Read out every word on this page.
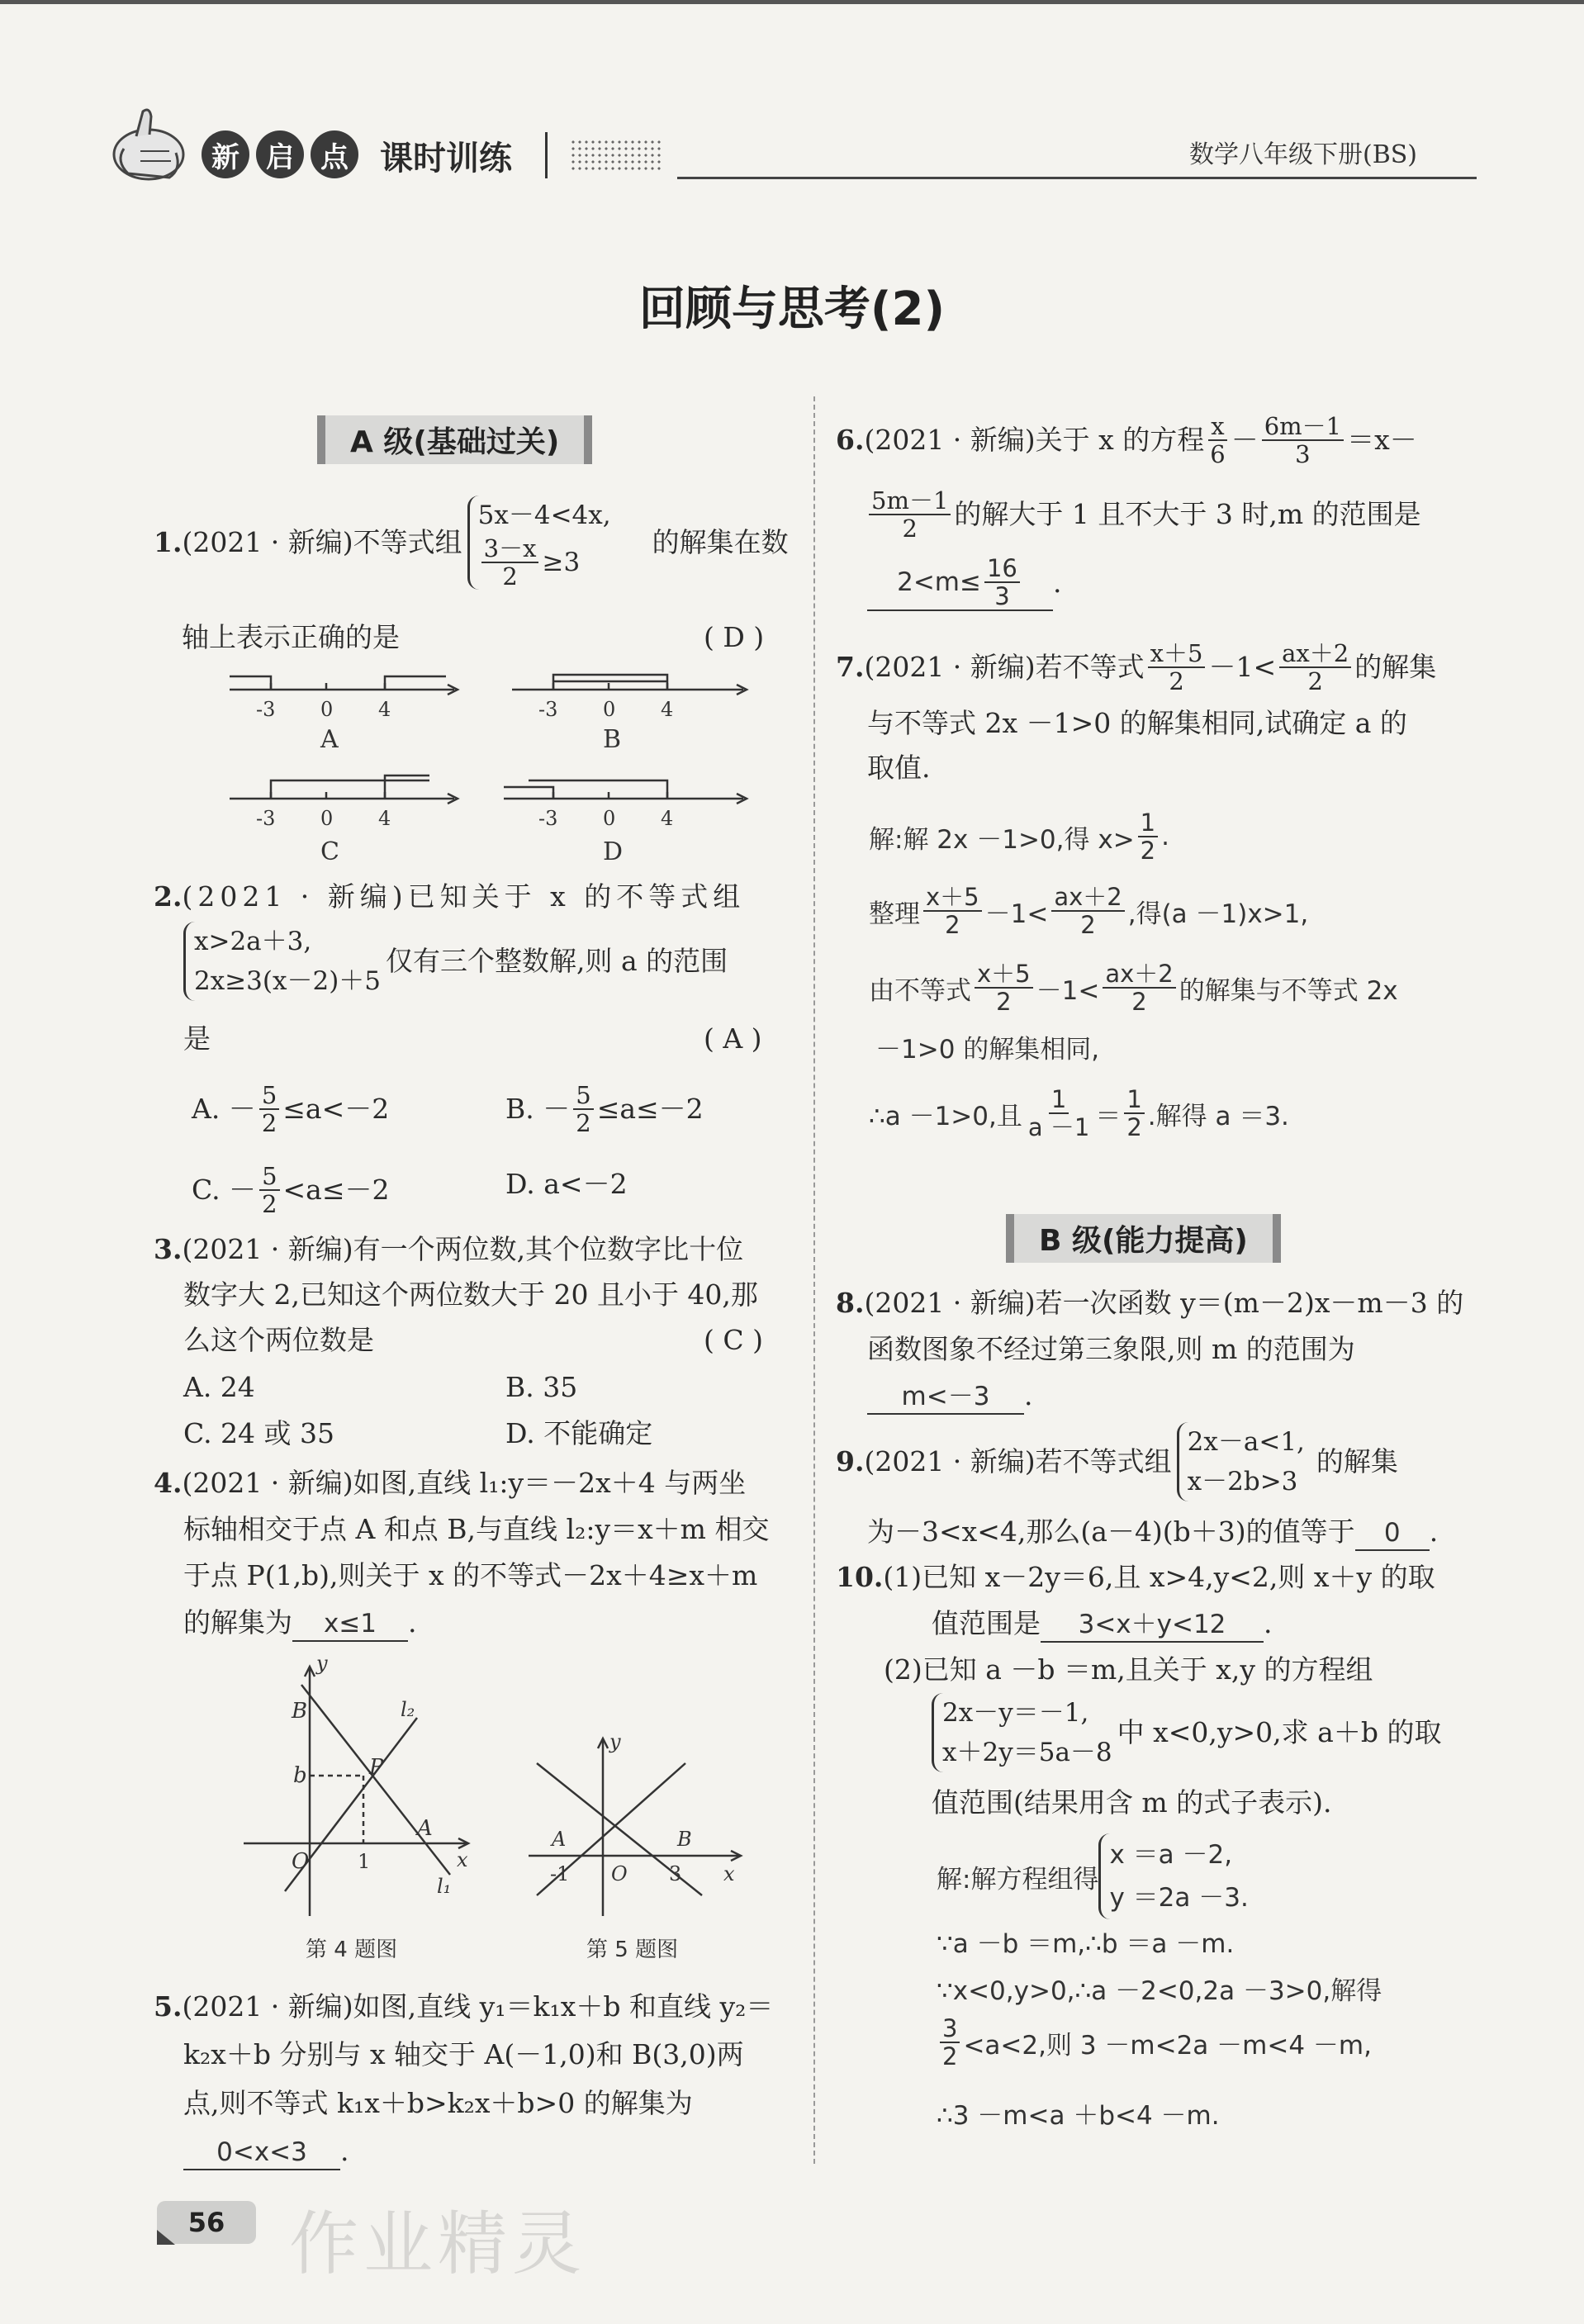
新 启 点 课时训练	数学八年级下册(BS)
回顾与思考(2)
A 级(基础过关)
1. (2021 · 新编)不等式组
5x－4<4x,
$\frac{3-x}{2} \ge 3$
的解集在数
轴上表示正确的是	( D )
-3 0 4
A
-3 0 4
B
-3 0 4
C
-3 0 4
D
2.(2021 · 新编)已知关于 x 的不等式组
x>2a＋3,
2x≥3(x－2)＋5
仅有三个整数解,则 a 的范围
是	( A )
A. － $\frac{5}{2} \le a<-2$	B. － $\frac{5}{2} \le a\le-2$
C. － $\frac{5}{2} <a\le-2$	D. a<－2
3.(2021 · 新编)有一个两位数,其个位数字比十位
数字大 2,已知这个两位数大于 20 且小于 40,那
么这个两位数是	( C )
A. 24	B. 35
C. 24 或 35	D. 不能确定
4.(2021 · 新编)如图,直线 l₁:y＝－2x＋4 与两坐
标轴相交于点 A 和点 B,与直线 l₂:y＝x＋m 相交
于点 P(1,b),则关于 x 的不等式－2x＋4≥x＋m
的解集为 x≤1 .
y
B	l₂
b	P
A
O 1	x
l₁
第 4 题图
y
A	B
-1 O 3 x
第 5 题图
5.(2021 · 新编)如图,直线 y₁＝k₁x＋b 和直线 y₂＝
k₂x＋b 分别与 x 轴交于 A(－1,0)和 B(3,0)两
点,则不等式 k₁x＋b>k₂x＋b>0 的解集为
0<x<3 .
6. (2021 · 新编)关于 x 的方程 $\frac{x}{6} - \frac{6m-1}{3} =x-$
$\frac{5m-1}{2}$ 的解大于 1 且不大于 3 时,m 的范围是
$2<m\le \frac{16}{3}$ .
7. (2021 · 新编)若不等式 $\frac{x+5}{2} -1< \frac{ax+2}{2}$ 的解集
与不等式 2x －1>0 的解集相同,试确定 a 的
取值.
解:解 2x －1>0,得 $x> \frac{1}{2}$ .
整理 $\frac{x+5}{2} -1< \frac{ax+2}{2}$ ,得(a －1)x>1,
由不等式 $\frac{x+5}{2} -1< \frac{ax+2}{2}$ 的解集与不等式 2x
－1>0 的解集相同,
∴a －1>0,且 $\frac{1}{a -1} = \frac{1}{2}$ .解得 a ＝3.
B 级(能力提高)
8.(2021 · 新编)若一次函数 y＝(m－2)x－m－3 的
函数图象不经过第三象限,则 m 的范围为
m<－3 .
9. (2021 · 新编)若不等式组
2x－a<1,
x－2b>3
的解集
为－3<x<4,那么(a－4)(b＋3)的值等于 0 .
10.(1)已知 x－2y＝6,且 x>4,y<2,则 x＋y 的取
值范围是 3<x＋y<12 .
(2)已知 a －b ＝m,且关于 x,y 的方程组
2x－y＝－1,
x＋2y＝5a－8
中 x<0,y>0,求 a＋b 的取
值范围(结果用含 m 的式子表示).
解:解方程组得
x ＝a －2,
y ＝2a －3.
∵a －b ＝m,∴b ＝a －m.
∵x<0,y>0,∴a －2<0,2a －3>0,解得
$\frac{3}{2} <a<2$,则 3 －m<2a －m<4 －m,
∴3 －m<a ＋b<4 －m.
56 作业精灵
